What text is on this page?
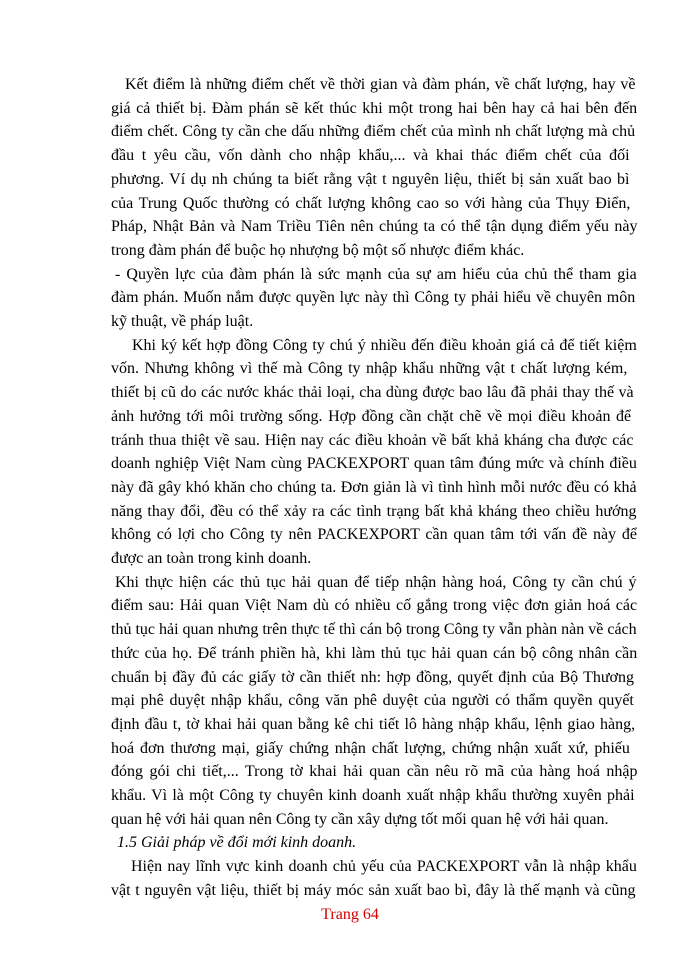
Kết điểm là những điểm chết về thời gian và đàm phán, về chất lượng, hay về
giá cả thiết bị. Đàm phán sẽ kết thúc khi một trong hai bên hay cả hai bên đến
điểm chết. Công ty cần che dấu những điểm chết của mình nh chất lượng mà chủ
đầu t yêu cầu, vốn dành cho nhập khẩu,... và khai thác điểm chết của đối
phương. Ví dụ nh chúng ta biết rằng vật t nguyên liệu, thiết bị sản xuất bao bì
của Trung Quốc thường có chất lượng không cao so với hàng của Thụy Điển,
Pháp, Nhật Bản và Nam Triều Tiên nên chúng ta có thể tận dụng điểm yếu này
trong đàm phán để buộc họ nhượng bộ một số nhược điểm khác.
- Quyền lực của đàm phán là sức mạnh của sự am hiểu của chủ thể tham gia
đàm phán. Muốn nắm được quyền lực này thì Công ty phải hiểu về chuyên môn
kỹ thuật, về pháp luật.
Khi ký kết hợp đồng Công ty chú ý nhiều đến điều khoản giá cả để tiết kiệm
vốn. Nhưng không vì thế mà Công ty nhập khẩu những vật t chất lượng kém,
thiết bị cũ do các nước khác thải loại, cha dùng được bao lâu đã phải thay thế và
ảnh hưởng tới môi trường sống. Hợp đồng cần chặt chẽ về mọi điều khoản để
tránh thua thiệt về sau. Hiện nay các điều khoản về bất khả kháng cha được các
doanh nghiệp Việt Nam cùng PACKEXPORT quan tâm đúng mức và chính điều
này đã gây khó khăn cho chúng ta. Đơn giản là vì tình hình mỗi nước đều có khả
năng thay đổi, đều có thể xảy ra các tình trạng bất khả kháng theo chiều hướng
không có lợi cho Công ty nên PACKEXPORT cần quan tâm tới vấn đề này để
được an toàn trong kinh doanh.
Khi thực hiện các thủ tục hải quan để tiếp nhận hàng hoá, Công ty cần chú ý
điểm sau: Hải quan Việt Nam dù có nhiều cố gắng trong việc đơn giản hoá các
thủ tục hải quan nhưng trên thực tế thì cán bộ trong Công ty vẫn phàn nàn về cách
thức của họ. Để tránh phiền hà, khi làm thủ tục hải quan cán bộ công nhân cần
chuẩn bị đầy đủ các giấy tờ cần thiết nh: hợp đồng, quyết định của Bộ Thương
mại phê duyệt nhập khẩu, công văn phê duyệt của người có thẩm quyền quyết
định đầu t, tờ khai hải quan bằng kê chi tiết lô hàng nhập khẩu, lệnh giao hàng,
hoá đơn thương mại, giấy chứng nhận chất lượng, chứng nhận xuất xứ, phiếu
đóng gói chi tiết,... Trong tờ khai hải quan cần nêu rõ mã của hàng hoá nhập
khẩu. Vì là một Công ty chuyên kinh doanh xuất nhập khẩu thường xuyên phải
quan hệ với hải quan nên Công ty cần xây dựng tốt mối quan hệ với hải quan.
1.5 Giải pháp về đổi mới kinh doanh.
Hiện nay lĩnh vực kinh doanh chủ yếu của PACKEXPORT vẫn là nhập khẩu
vật t nguyên vật liệu, thiết bị máy móc sản xuất bao bì, đây là thế mạnh và cũng
Trang 64
